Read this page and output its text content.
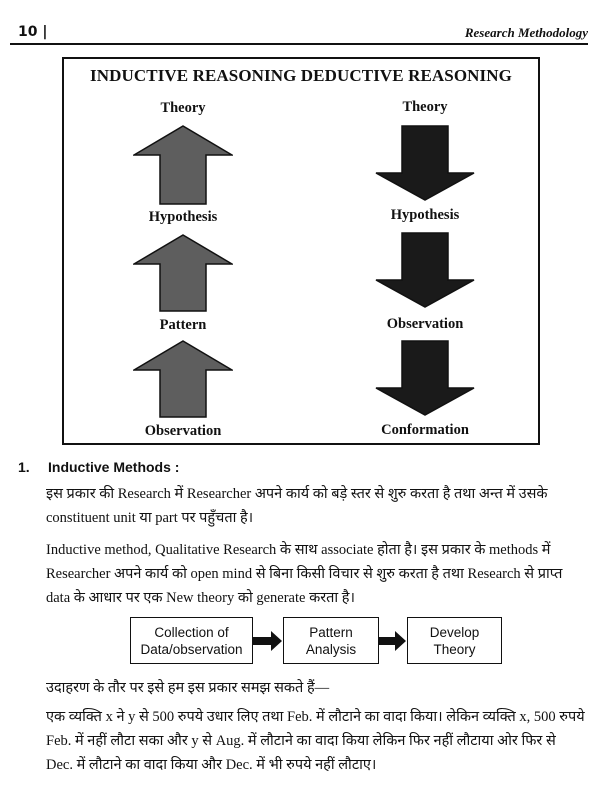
10 |	Research Methodology
INDUCTIVE REASONING DEDUCTIVE REASONING
Theory
Hypothesis
Pattern
Observation
Theory
Hypothesis
Observation
Conformation
1. Inductive Methods :
इस प्रकार की Research में Researcher अपने कार्य को बड़े स्तर से शुरु करता है तथा अन्त में उसके
constituent unit या part पर पहुँचता है।
Inductive method, Qualitative Research के साथ associate होता है। इस प्रकार के methods में
Researcher अपने कार्य को open mind से बिना किसी विचार से शुरु करता है तथा Research से प्राप्त
data के आधार पर एक New theory को generate करता है।
Collection of
Data/observation
Pattern
Analysis
Develop
Theory
उदाहरण के तौर पर इसे हम इस प्रकार समझ सकते हैं—
एक व्यक्ति x ने y से 500 रुपये उधार लिए तथा Feb. में लौटाने का वादा किया। लेकिन व्यक्ति x, 500 रुपये
Feb. में नहीं लौटा सका और y से Aug. में लौटाने का वादा किया लेकिन फिर नहीं लौटाया ओर फिर से
Dec. में लौटाने का वादा किया और Dec. में भी रुपये नहीं लौटाए।
